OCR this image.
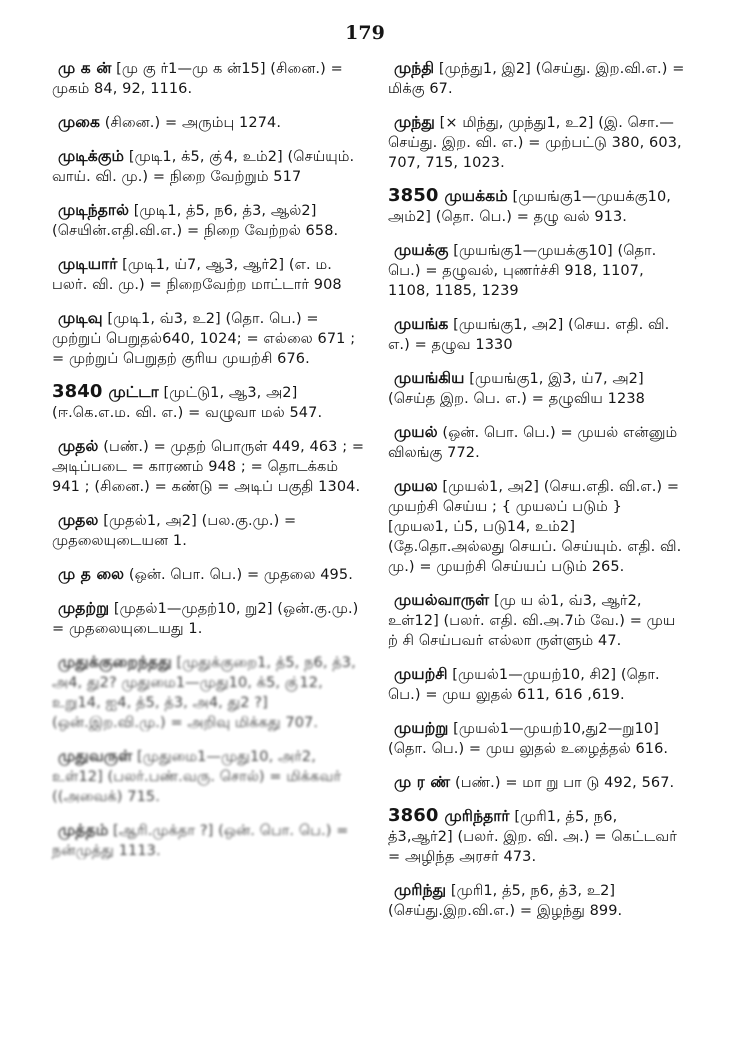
179
மு க ன் [மு கு ர்1—மு க ன்15] (சினை.) = முகம் 84, 92, 1116.
முகை (சினை.) = அரும்பு 1274.
முடிக்கும் [முடி1, க்5, கு்4, உம்2] (செய்யும். வாய். வி. மு.) = நிறை வேற்றும் 517
முடிந்தால் [முடி1, த்5, ந6, த்3, ஆல்2] (செயின்.எதி.வி.எ.) = நிறை வேற்றல் 658.
முடியார் [முடி1, ய்7, ஆ3, ஆர்2] (எ. ம. பலர். வி. மு.) = நிறைவேற்ற மாட்டார் 908
முடிவு [முடி1, வ்3, உ2] (தொ. பெ.) = முற்றுப் பெறுதல்640, 1024; = எல்லை 671 ; = முற்றுப் பெறுதற் குரிய முயற்சி 676.
3840 முட்டா [முட்டு1, ஆ3, அ2] (ஈ.கெ.எ.ம. வி. எ.) = வழுவா மல் 547.
முதல் (பண்.) = முதற் பொருள் 449, 463 ; = அடிப்படை = காரணம் 948 ; = தொடக்கம் 941 ; (சினை.) = கண்டு = அடிப் பகுதி 1304.
முதல [முதல்1, அ2] (பல.கு.மு.) = முதலையுடையன 1.
மு த லை (ஒன். பொ. பெ.) = முதலை 495.
முதற்று [முதல்1—முதற்10, று2] (ஒன்.கு.மு.) = முதலையுடையது 1.
முதுக்குறைந்தது [முதுக்குறை1, த்5, ந6, த்3, அ4, து2? முதுமை1—முது10, க்5, கு்12, உறு14, ஐ4, த்5, த்3, அ4, து2 ?] (ஒன்.இற.வி.மு.) = அறிவு மிக்கது 707.
முதுவருள் [முதுமை1—முது10, அர்2, உள்12] (பலர்.பண்.வரு. சொல்) = மிக்கவர் ((அவைக்) 715.
முத்தம் [ஆரி.முக்தா ?] (ஒன். பொ. பெ.) = நன்முத்து 1113.
முந்தி [முந்து1, இ2] (செய்து. இற.வி.எ.) = மிக்கு 67.
முந்து [× மிந்து, முந்து1, உ2] (இ. சொ.—செய்து. இற. வி. எ.) = முற்பட்டு 380, 603, 707, 715, 1023.
3850 முயக்கம் [முயங்கு1—முயக்கு10, அம்2] (தொ. பெ.) = தழு வல் 913.
முயக்கு [முயங்கு1—முயக்கு10] (தொ. பெ.) = தழுவல், புணர்ச்சி 918, 1107, 1108, 1185, 1239
முயங்க [முயங்கு1, அ2] (செய. எதி. வி. எ.) = தழுவ 1330
முயங்கிய [முயங்கு1, இ3, ய்7, அ2] (செய்த இற. பெ. எ.) = தழுவிய 1238
முயல் (ஒன். பொ. பெ.) = முயல் என்னும் விலங்கு 772.
முயல [முயல்1, அ2] (செய.எதி. வி.எ.) = முயற்சி செய்ய ; { முயலப் படும் } [முயல1, ப்5, படு14, உம்2] (தே.தொ.அல்லது செயப். செய்யும். எதி. வி. மு.) = முயற்சி செய்யப் படும் 265.
முயல்வாருள் [மு ய ல்1, வ்3, ஆர்2, உள்12] (பலர். எதி. வி.அ.7ம் வே.) = முய ற் சி செய்பவர் எல்லா ருள்ளும் 47.
முயற்சி [முயல்1—முயற்10, சி2] (தொ. பெ.) = முய லுதல் 611, 616 ,619.
முயற்று [முயல்1—முயற்10,து2—று10] (தொ. பெ.) = முய லுதல் உழைத்தல் 616.
மு ர ண் (பண்.) = மா று பா டு 492, 567.
3860 முரிந்தார் [முரி1, த்5, ந6, த்3,ஆர்2] (பலர். இற. வி. அ.) = கெட்டவர் = அழிந்த அரசர் 473.
முரிந்து [முரி1, த்5, ந6, த்3, உ2] (செய்து.இற.வி.எ.) = இழந்து 899.
